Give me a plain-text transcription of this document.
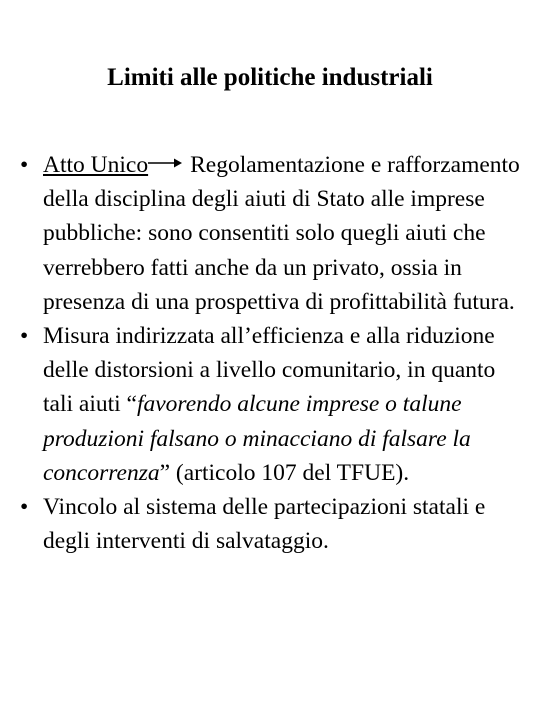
Limiti alle politiche industriali
• Atto Unico Regolamentazione e rafforzamento della disciplina degli aiuti di Stato alle imprese pubbliche: sono consentiti solo quegli aiuti che verrebbero fatti anche da un privato, ossia in presenza di una prospettiva di profittabilità futura.
• Misura indirizzata all’efficienza e alla riduzione delle distorsioni a livello comunitario, in quanto tali aiuti “favorendo alcune imprese o talune produzioni falsano o minacciano di falsare la concorrenza” (articolo 107 del TFUE).
• Vincolo al sistema delle partecipazioni statali e degli interventi di salvataggio.
